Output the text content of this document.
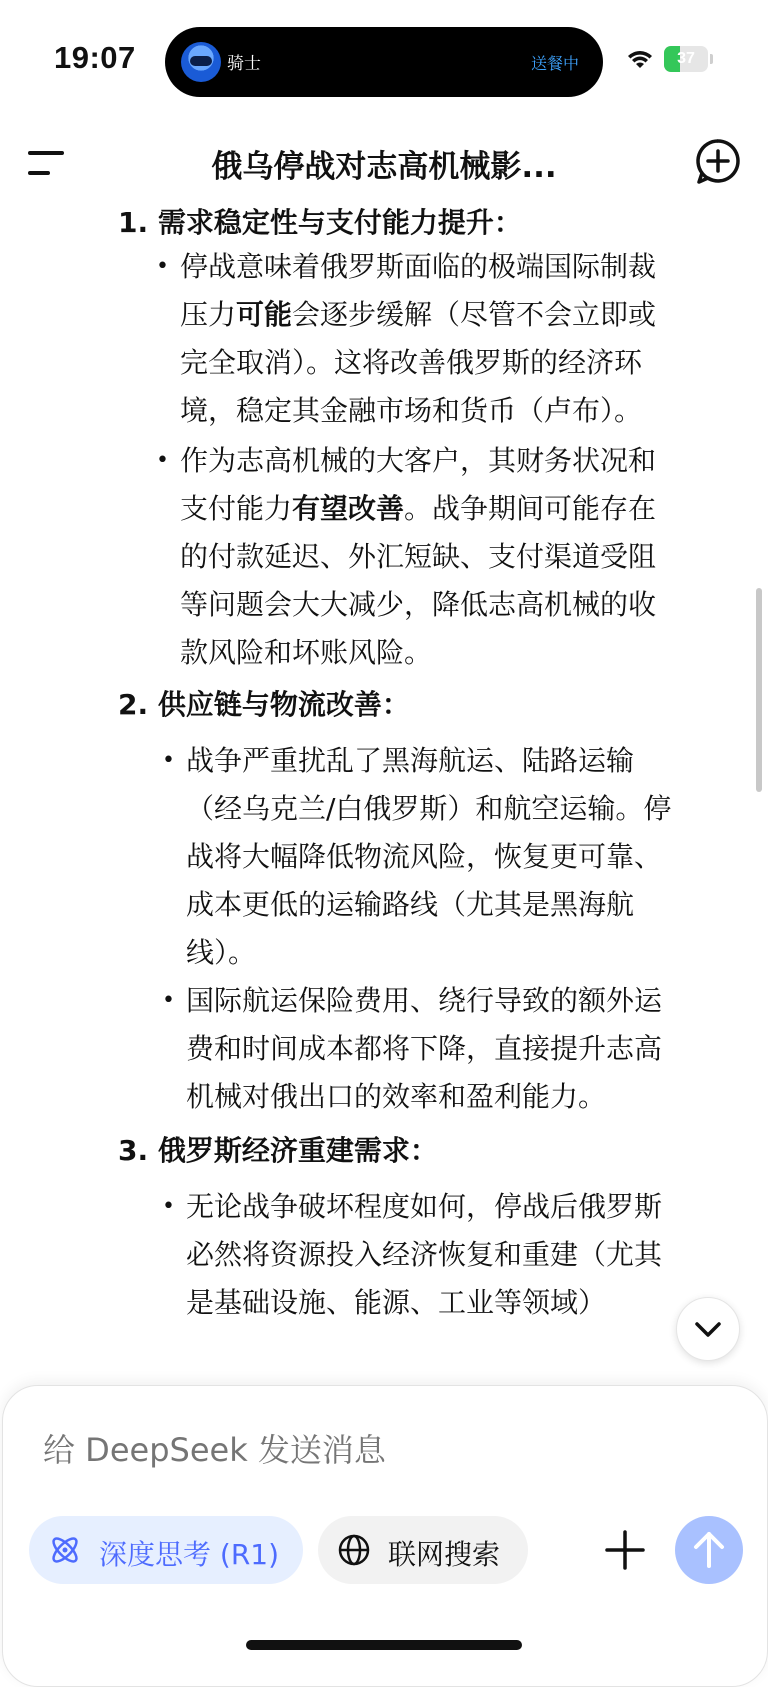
19:07	骑士	送餐中	37
俄乌停战对志高机械影...
1. 需求稳定性与支付能力提升：
• 停战意味着俄罗斯面临的极端国际制裁
压力可能会逐步缓解（尽管不会立即或
完全取消）。这将改善俄罗斯的经济环
境，稳定其金融市场和货币（卢布）。
• 作为志高机械的大客户，其财务状况和
支付能力有望改善。战争期间可能存在
的付款延迟、外汇短缺、支付渠道受阻
等问题会大大减少，降低志高机械的收
款风险和坏账风险。
2. 供应链与物流改善：
• 战争严重扰乱了黑海航运、陆路运输
（经乌克兰/白俄罗斯）和航空运输。停
战将大幅降低物流风险，恢复更可靠、
成本更低的运输路线（尤其是黑海航
线）。
• 国际航运保险费用、绕行导致的额外运
费和时间成本都将下降，直接提升志高
机械对俄出口的效率和盈利能力。
3. 俄罗斯经济重建需求：
• 无论战争破坏程度如何，停战后俄罗斯
必然将资源投入经济恢复和重建（尤其
是基础设施、能源、工业等领域）
给 DeepSeek 发送消息
深度思考 (R1)	联网搜索
